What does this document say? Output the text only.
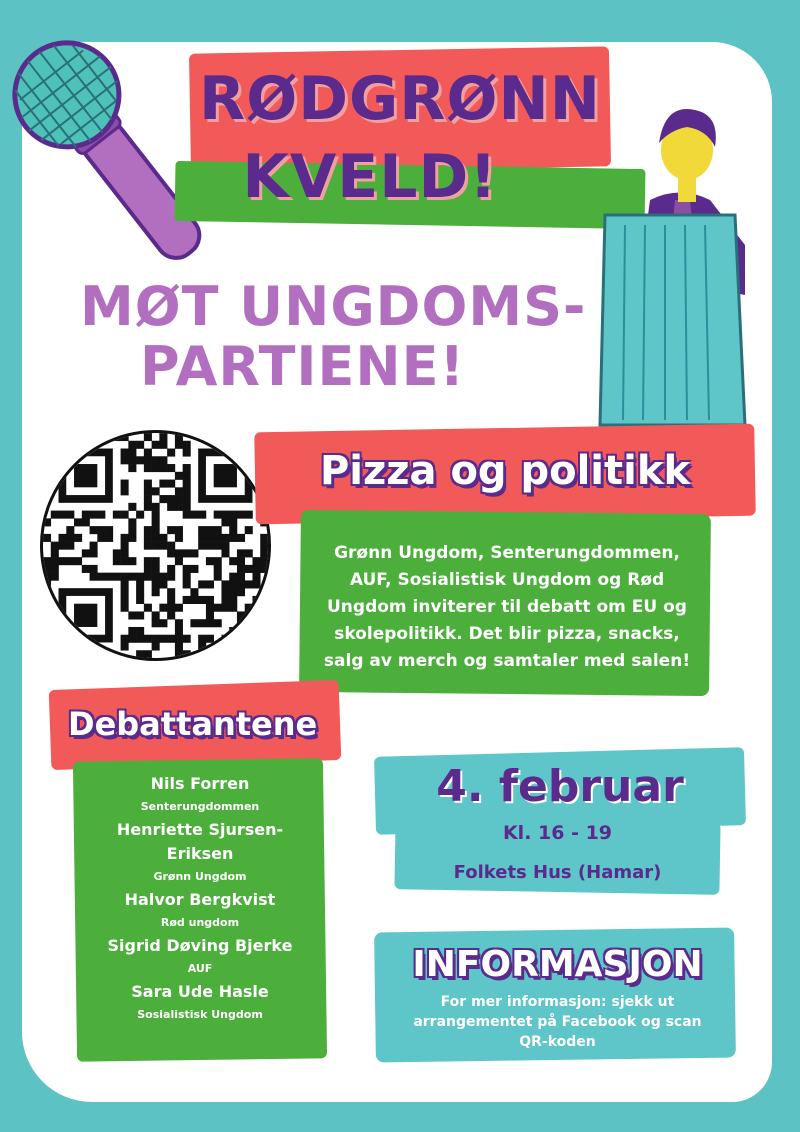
RØDGRØNN
KVELD!
MØT UNGDOMS-
PARTIENE!
Pizza og politikk
Grønn Ungdom, Senterungdommen, AUF, Sosialistisk Ungdom og Rød Ungdom inviterer til debatt om EU og skolepolitikk. Det blir pizza, snacks, salg av merch og samtaler med salen!
Debattantene
Nils Forren
Senterungdommen
Henriette Sjursen-Eriksen
Grønn Ungdom
Halvor Bergkvist
Rød ungdom
Sigrid Døving Bjerke
AUF
Sara Ude Hasle
Sosialistisk Ungdom
4. februar
Kl. 16 - 19
Folkets Hus (Hamar)
INFORMASJON
For mer informasjon: sjekk ut arrangementet på Facebook og scan QR-koden
